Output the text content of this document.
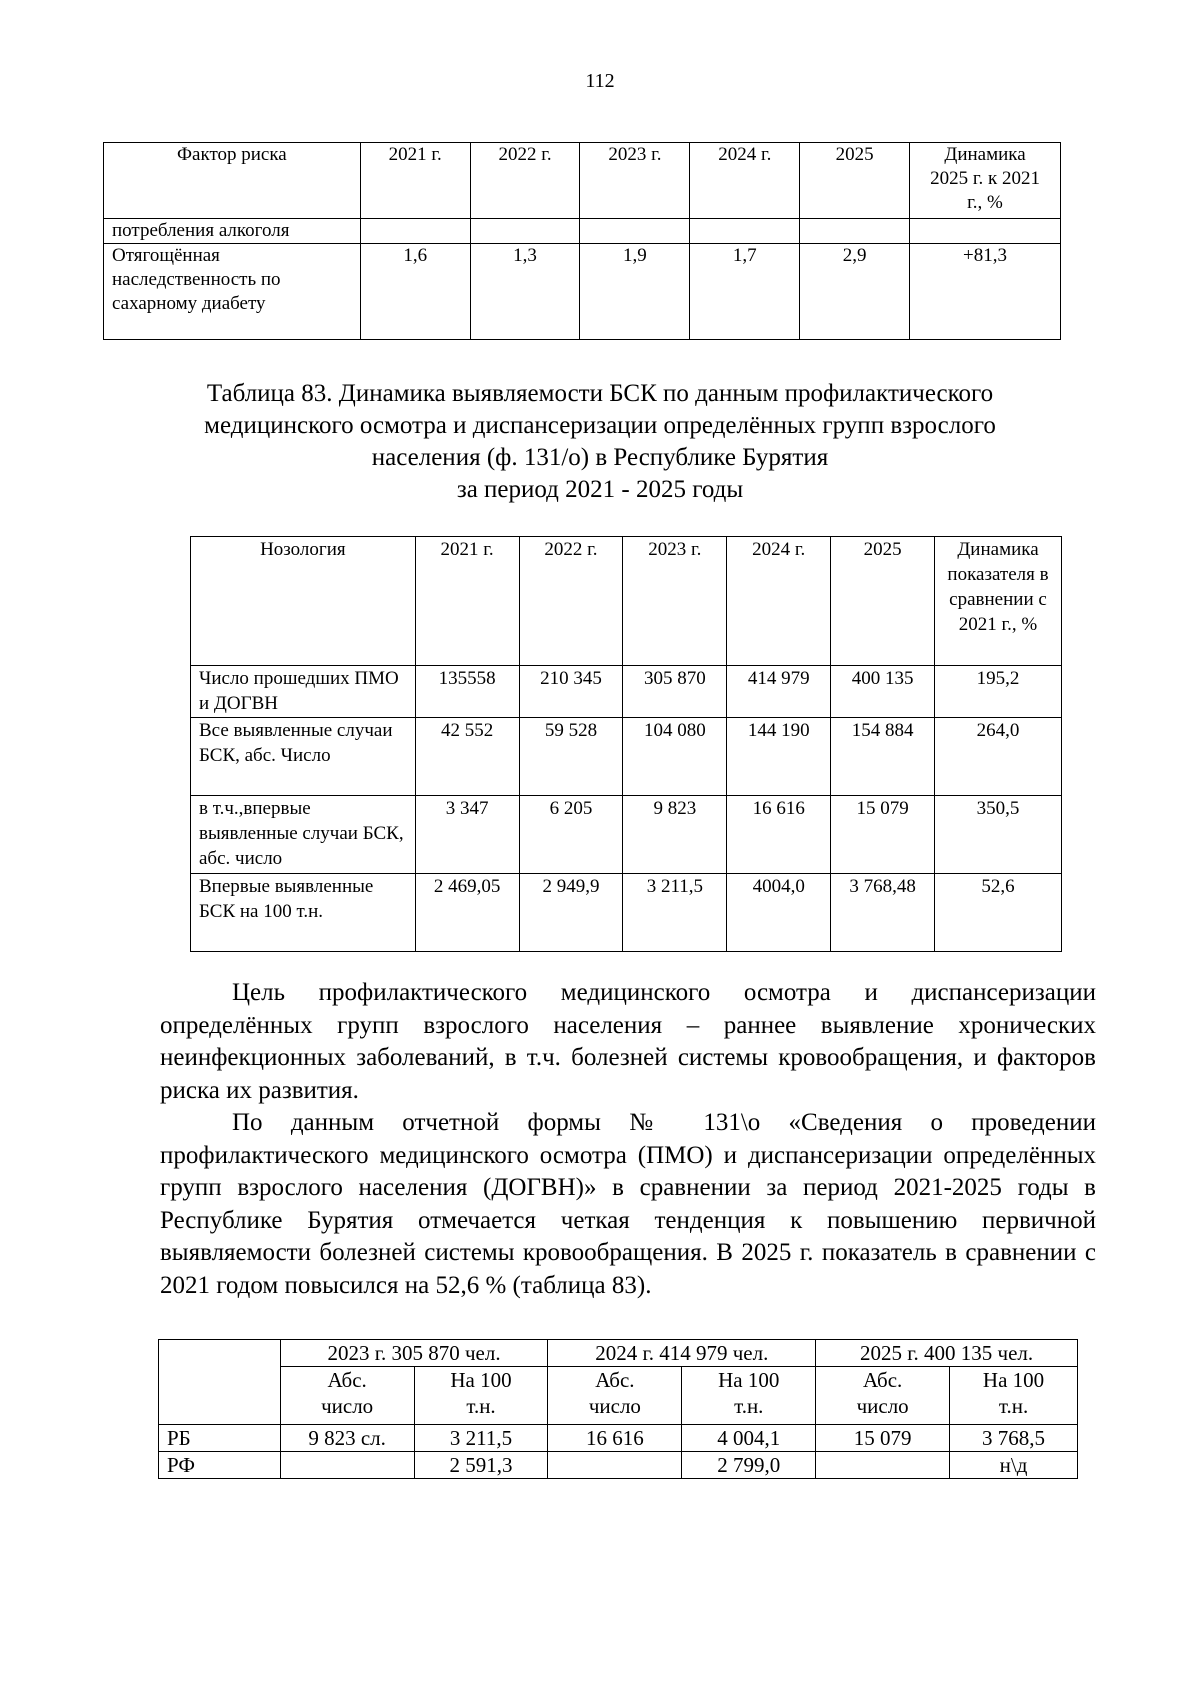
112
Фактор риска	2021 г.	2022 г.	2023 г.	2024 г.	2025	Динамика 2025 г. к 2021 г., %
потребления алкоголя						
Отягощённая наследственность по сахарному диабету	1,6	1,3	1,9	1,7	2,9	+81,3
Таблица 83. Динамика выявляемости БСК по данным профилактического
медицинского осмотра и диспансеризации определённых групп взрослого
населения (ф. 131/о) в Республике Бурятия
за период 2021 - 2025 годы
Нозология	2021 г.	2022 г.	2023 г.	2024 г.	2025	Динамика показателя в сравнении с 2021 г., %
Число прошедших ПМО и ДОГВН	135558	210 345	305 870	414 979	400 135	195,2
Все выявленные случаи БСК, абс. Число	42 552	59 528	104 080	144 190	154 884	264,0
в т.ч.,впервые выявленные случаи БСК, абс. число	3 347	6 205	9 823	16 616	15 079	350,5
Впервые выявленные БСК на 100 т.н.	2 469,05	2 949,9	3 211,5	4004,0	3 768,48	52,6

Цель профилактического медицинского осмотра и диспансеризации определённых групп взрослого населения – раннее выявление хронических неинфекционных заболеваний, в т.ч. болезней системы кровообращения, и факторов риска их развития.

По данным отчетной формы № 131\о «Сведения о проведении профилактического медицинского осмотра (ПМО) и диспансеризации определённых групп взрослого населения (ДОГВН)» в сравнении за период 2021-2025 годы в Республике Бурятия отмечается четкая тенденция к повышению первичной выявляемости болезней системы кровообращения. В 2025 г. показатель в сравнении с 2021 годом повысился на 52,6 % (таблица 83).

	2023 г. 305 870 чел.		2024 г. 414 979 чел.		2025 г. 400 135 чел.	
	Абс. число	На 100 т.н.	Абс. число	На 100 т.н.	Абс. число	На 100 т.н.
РБ	9 823 сл.	3 211,5	16 616	4 004,1	15 079	3 768,5
РФ		2 591,3		2 799,0		н\д
